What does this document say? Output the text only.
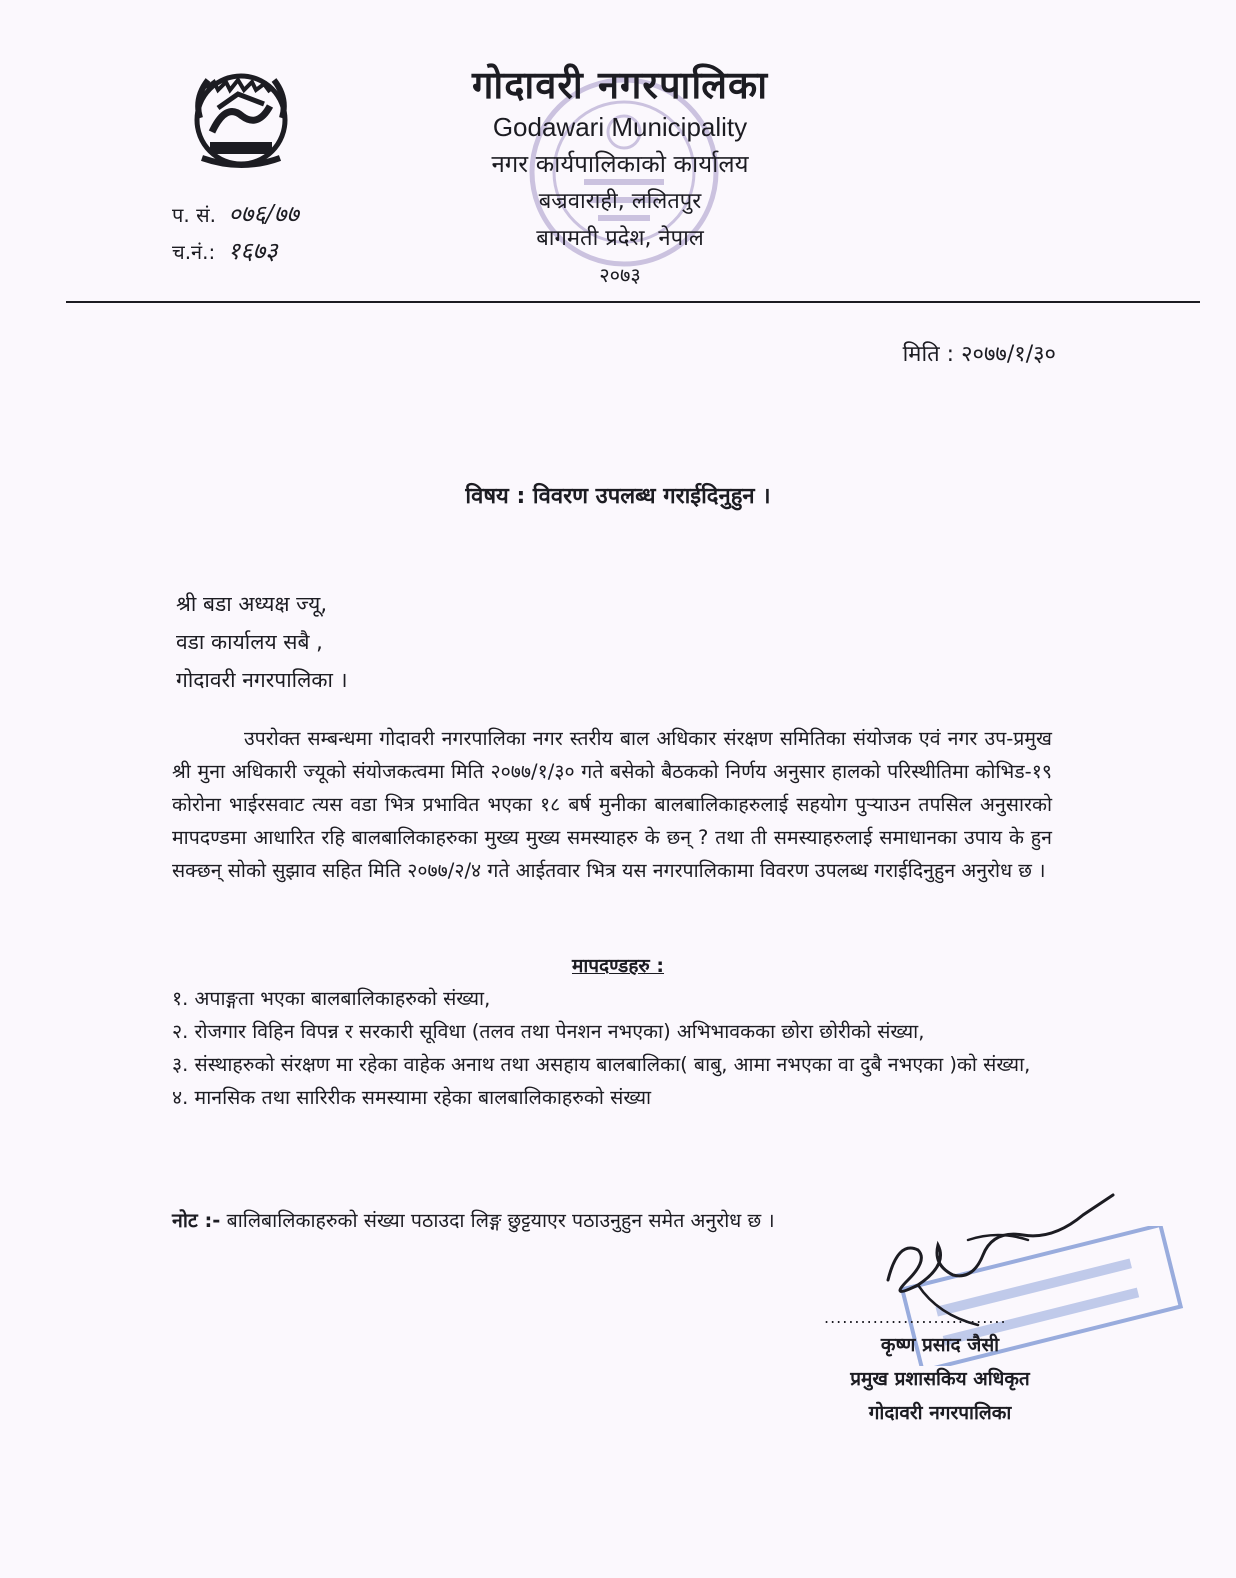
गोदावरी नगरपालिका
Godawari Municipality
नगर कार्यपालिकाको कार्यालय
बज्रवाराही, ललितपुर
बागमती प्रदेश, नेपाल
२०७३
प. सं. ०७६/७७
च.नं.: १६७३
मिति : २०७७/१/३०
विषय : विवरण उपलब्ध गराईदिनुहुन ।
श्री बडा अध्यक्ष ज्यू,
वडा कार्यालय सबै ,
गोदावरी नगरपालिका ।
उपरोक्त सम्बन्धमा गोदावरी नगरपालिका नगर स्तरीय बाल अधिकार संरक्षण समितिका संयोजक एवं नगर उप-प्रमुख श्री मुना अधिकारी ज्यूको संयोजकत्वमा मिति २०७७/१/३० गते बसेको बैठकको निर्णय अनुसार हालको परिस्थीतिमा कोभिड-१९ कोरोना भाईरसवाट त्यस वडा भित्र प्रभावित भएका १८ बर्ष मुनीका बालबालिकाहरुलाई सहयोग पुर्‍याउन तपसिल अनुसारको मापदण्डमा आधारित रहि बालबालिकाहरुका मुख्य मुख्य समस्याहरु के छन् ? तथा ती समस्याहरुलाई समाधानका उपाय के हुन सक्छन् सोको सुझाव सहित मिति २०७७/२/४ गते आईतवार भित्र यस नगरपालिकामा विवरण उपलब्ध गराईदिनुहुन अनुरोध छ ।
मापदण्डहरु :
१. अपाङ्गता भएका बालबालिकाहरुको संख्या,
२. रोजगार विहिन विपन्न र सरकारी सूविधा (तलव तथा पेनशन नभएका) अभिभावकका छोरा छोरीको संख्या,
३. संस्थाहरुको संरक्षण मा रहेका वाहेक अनाथ तथा असहाय बालबालिका( बाबु, आमा नभएका वा दुबै नभएका )को संख्या,
४. मानसिक तथा सारिरीक समस्यामा रहेका बालबालिकाहरुको संख्या
नोट :- बालिबालिकाहरुको संख्या पठाउदा लिङ्ग छुट्टयाएर पठाउनुहुन समेत अनुरोध छ ।
..............................
कृष्ण प्रसाद जैसी
प्रमुख प्रशासकिय अधिकृत
गोदावरी नगरपालिका
